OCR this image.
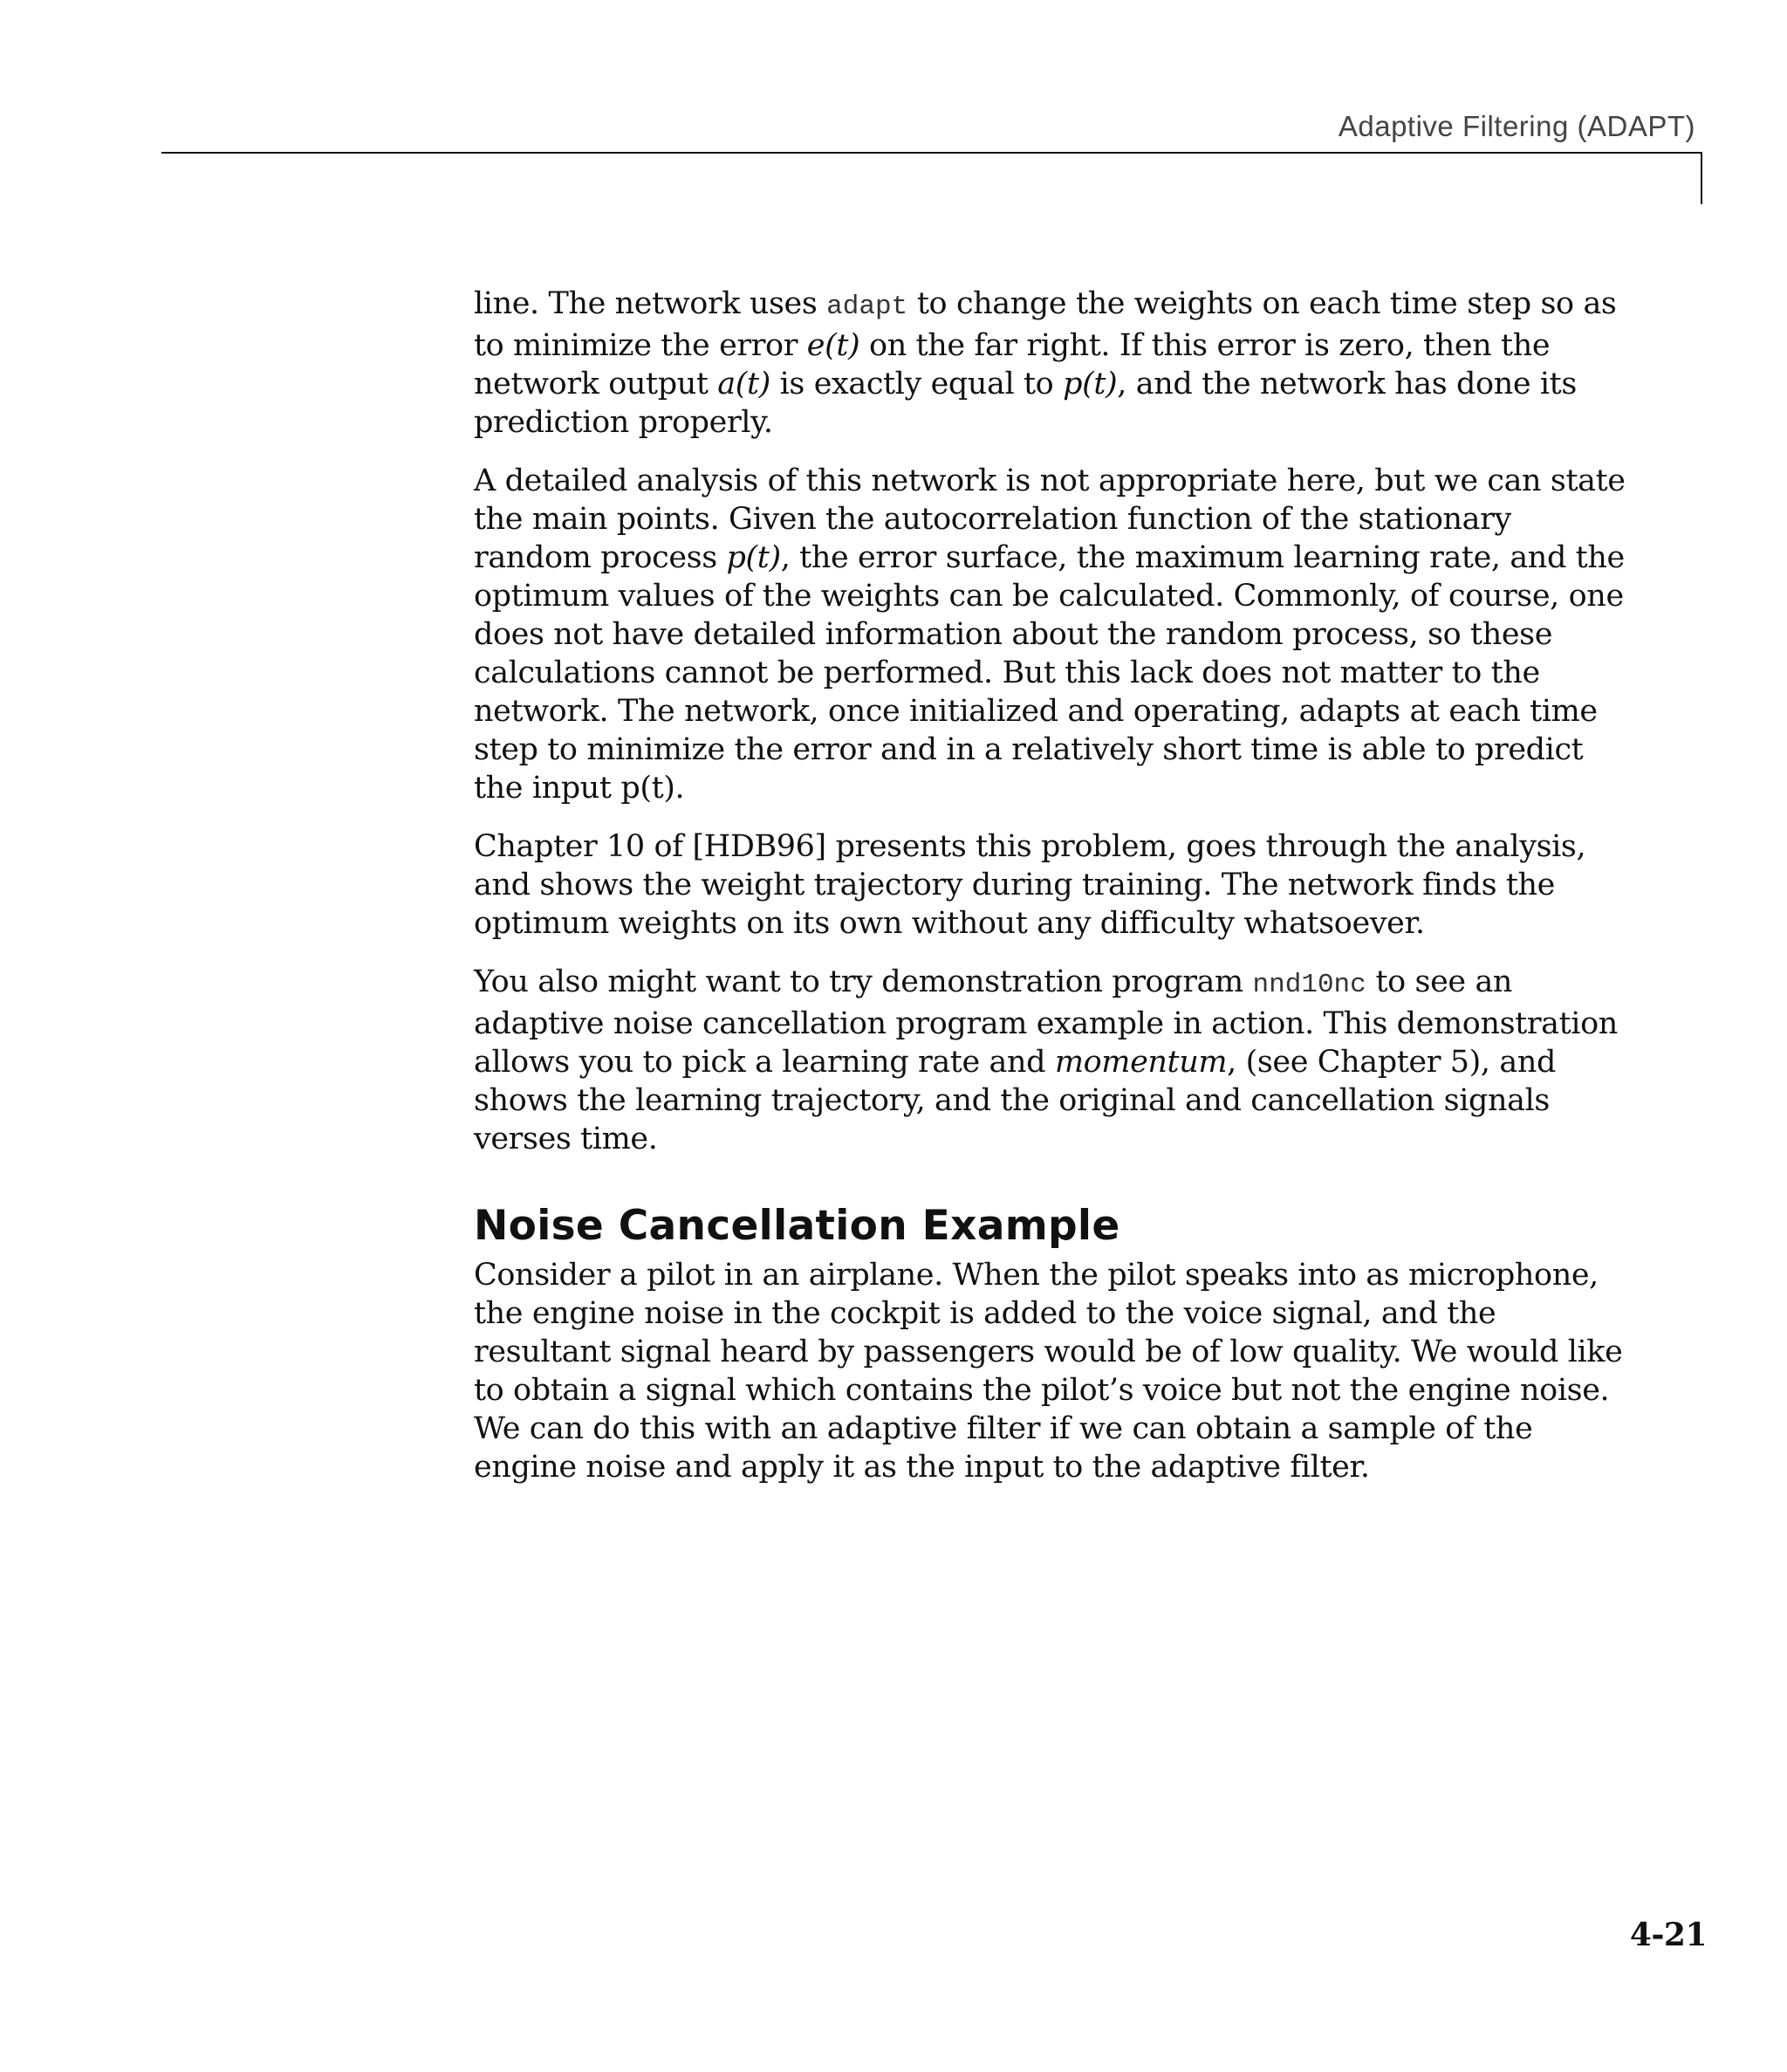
Adaptive Filtering (ADAPT)

line. The network uses adapt to change the weights on each time step so as to minimize the error e(t) on the far right. If this error is zero, then the network output a(t) is exactly equal to p(t), and the network has done its prediction properly.

A detailed analysis of this network is not appropriate here, but we can state the main points. Given the autocorrelation function of the stationary random process p(t), the error surface, the maximum learning rate, and the optimum values of the weights can be calculated. Commonly, of course, one does not have detailed information about the random process, so these calculations cannot be performed. But this lack does not matter to the network. The network, once initialized and operating, adapts at each time step to minimize the error and in a relatively short time is able to predict the input p(t).

Chapter 10 of [HDB96] presents this problem, goes through the analysis, and shows the weight trajectory during training. The network finds the optimum weights on its own without any difficulty whatsoever.

You also might want to try demonstration program nnd10nc to see an adaptive noise cancellation program example in action. This demonstration allows you to pick a learning rate and momentum, (see Chapter 5), and shows the learning trajectory, and the original and cancellation signals verses time.

Noise Cancellation Example

Consider a pilot in an airplane. When the pilot speaks into as microphone, the engine noise in the cockpit is added to the voice signal, and the resultant signal heard by passengers would be of low quality. We would like to obtain a signal which contains the pilot’s voice but not the engine noise. We can do this with an adaptive filter if we can obtain a sample of the engine noise and apply it as the input to the adaptive filter.

4-21
